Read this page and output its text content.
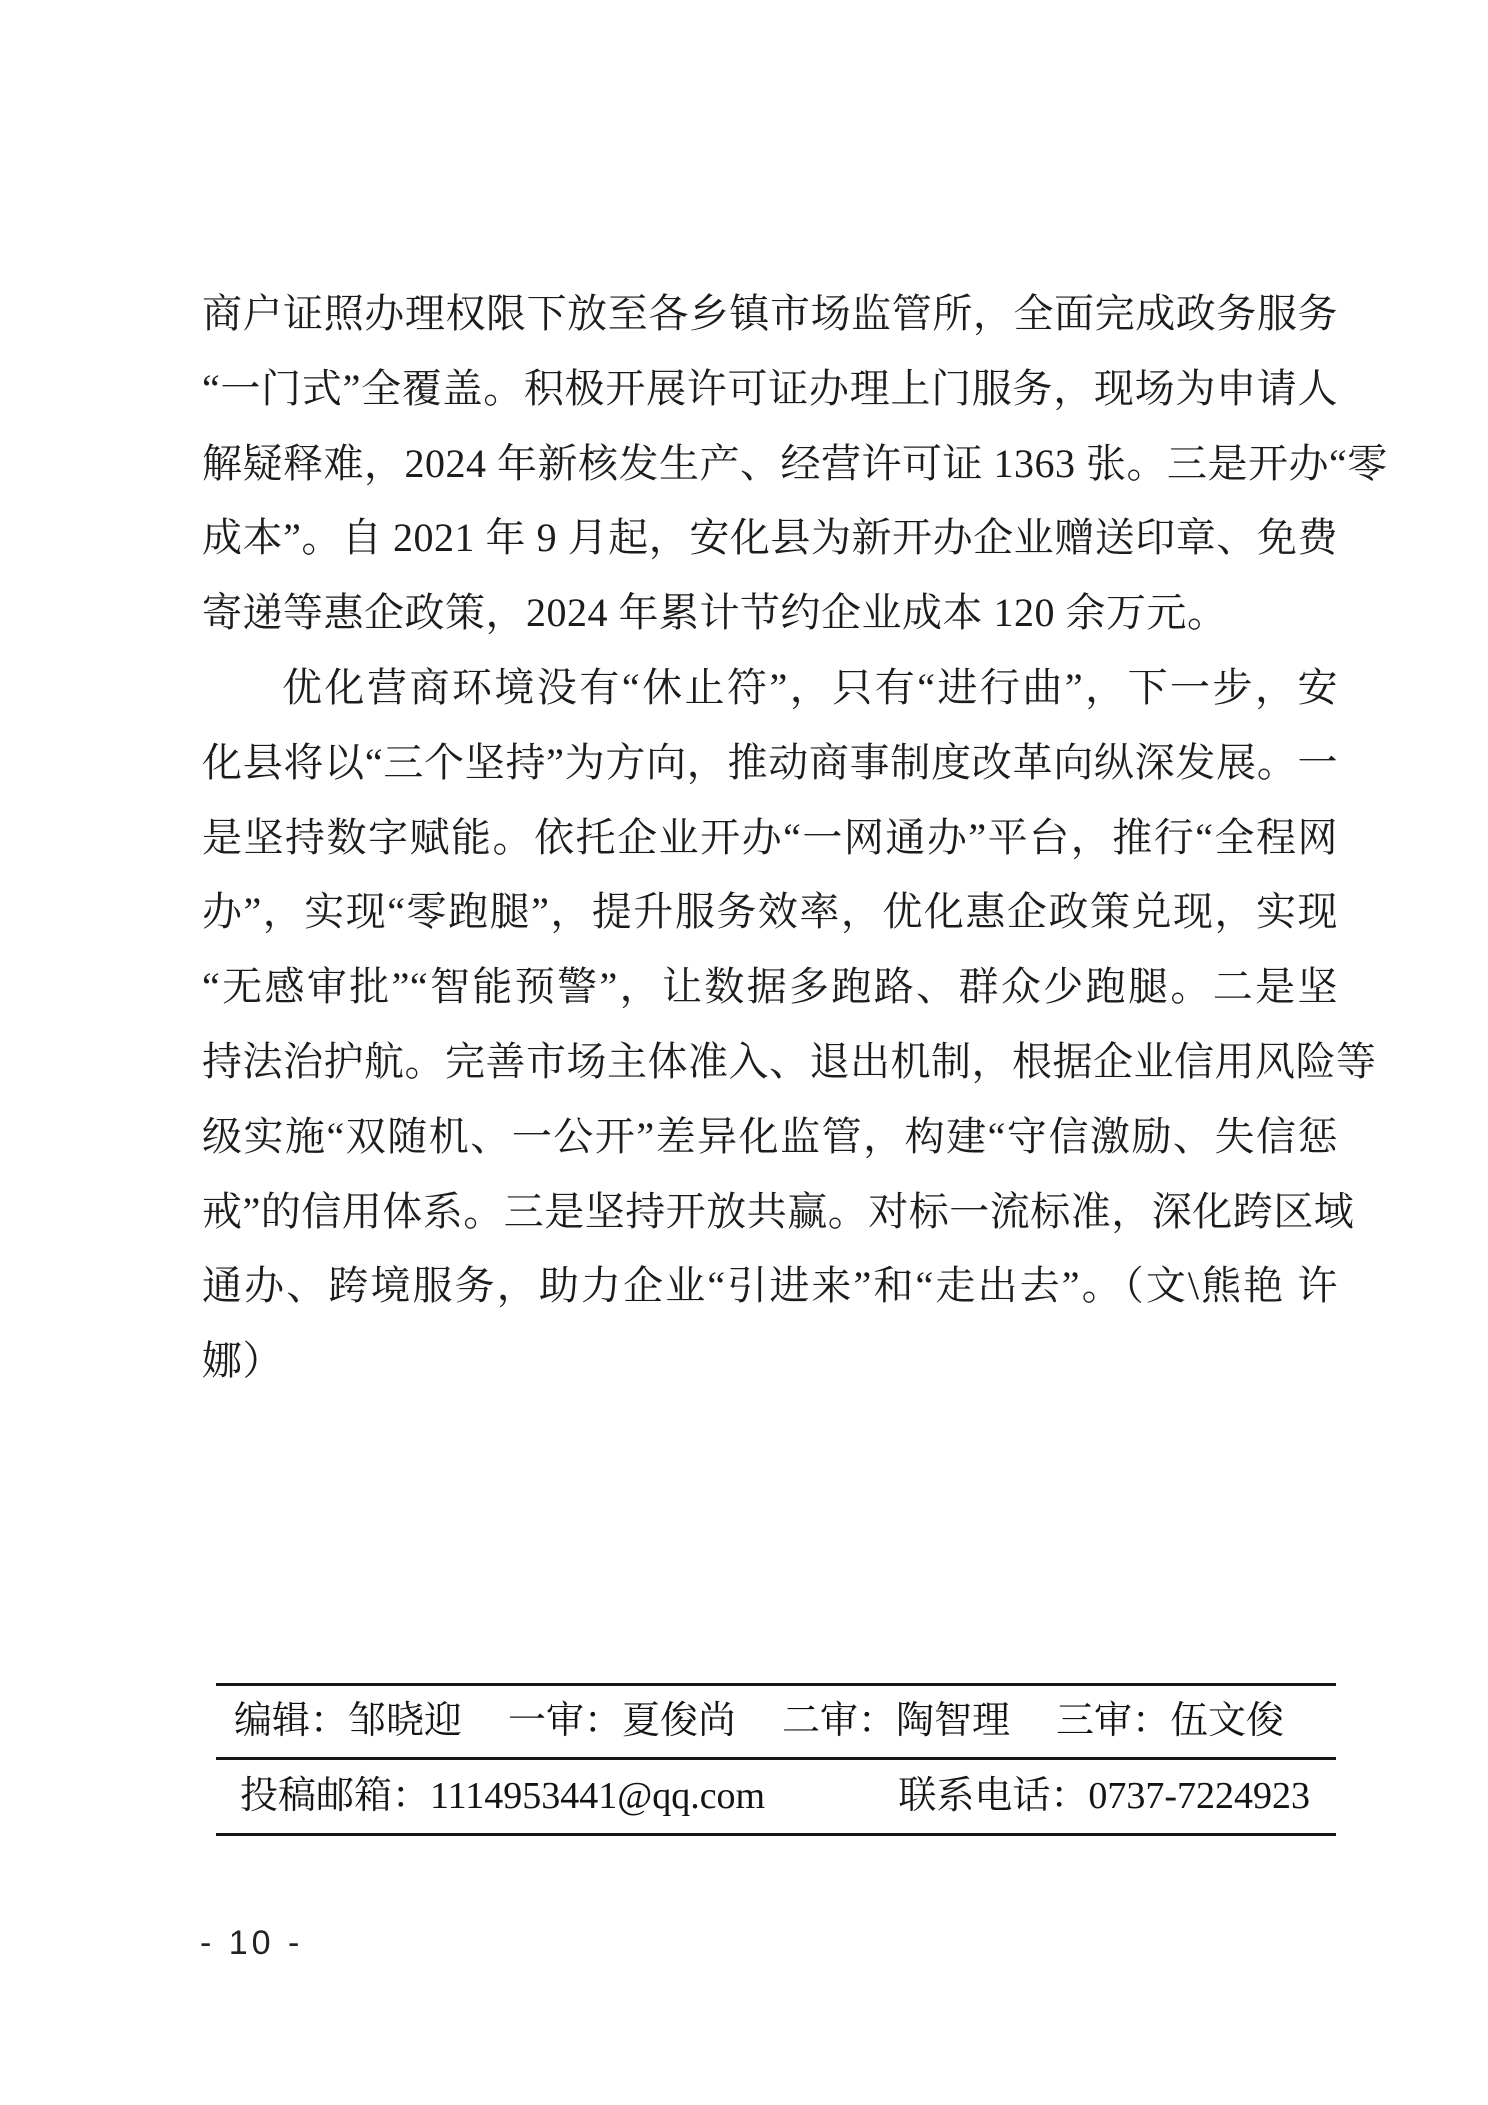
商户证照办理权限下放至各乡镇市场监管所，全面完成政务服务
“一门式”全覆盖。积极开展许可证办理上门服务，现场为申请人
解疑释难，2024 年新核发生产、经营许可证 1363 张。三是开办“零
成本”。自 2021 年 9 月起，安化县为新开办企业赠送印章、免费
寄递等惠企政策，2024 年累计节约企业成本 120 余万元。
优化营商环境没有“休止符”，只有“进行曲”，下一步，安
化县将以“三个坚持”为方向，推动商事制度改革向纵深发展。一
是坚持数字赋能。依托企业开办“一网通办”平台，推行“全程网
办”，实现“零跑腿”，提升服务效率，优化惠企政策兑现，实现
“无感审批”“智能预警”，让数据多跑路、群众少跑腿。二是坚
持法治护航。完善市场主体准入、退出机制，根据企业信用风险等
级实施“双随机、一公开”差异化监管，构建“守信激励、失信惩
戒”的信用体系。三是坚持开放共赢。对标一流标准，深化跨区域
通办、跨境服务，助力企业“引进来”和“走出去”。（文\熊艳 许
娜）
编辑：邹晓迎 一审：夏俊尚 二审：陶智理 三审：伍文俊
投稿邮箱：1114953441@qq.com	联系电话：0737-7224923
- 10 -
